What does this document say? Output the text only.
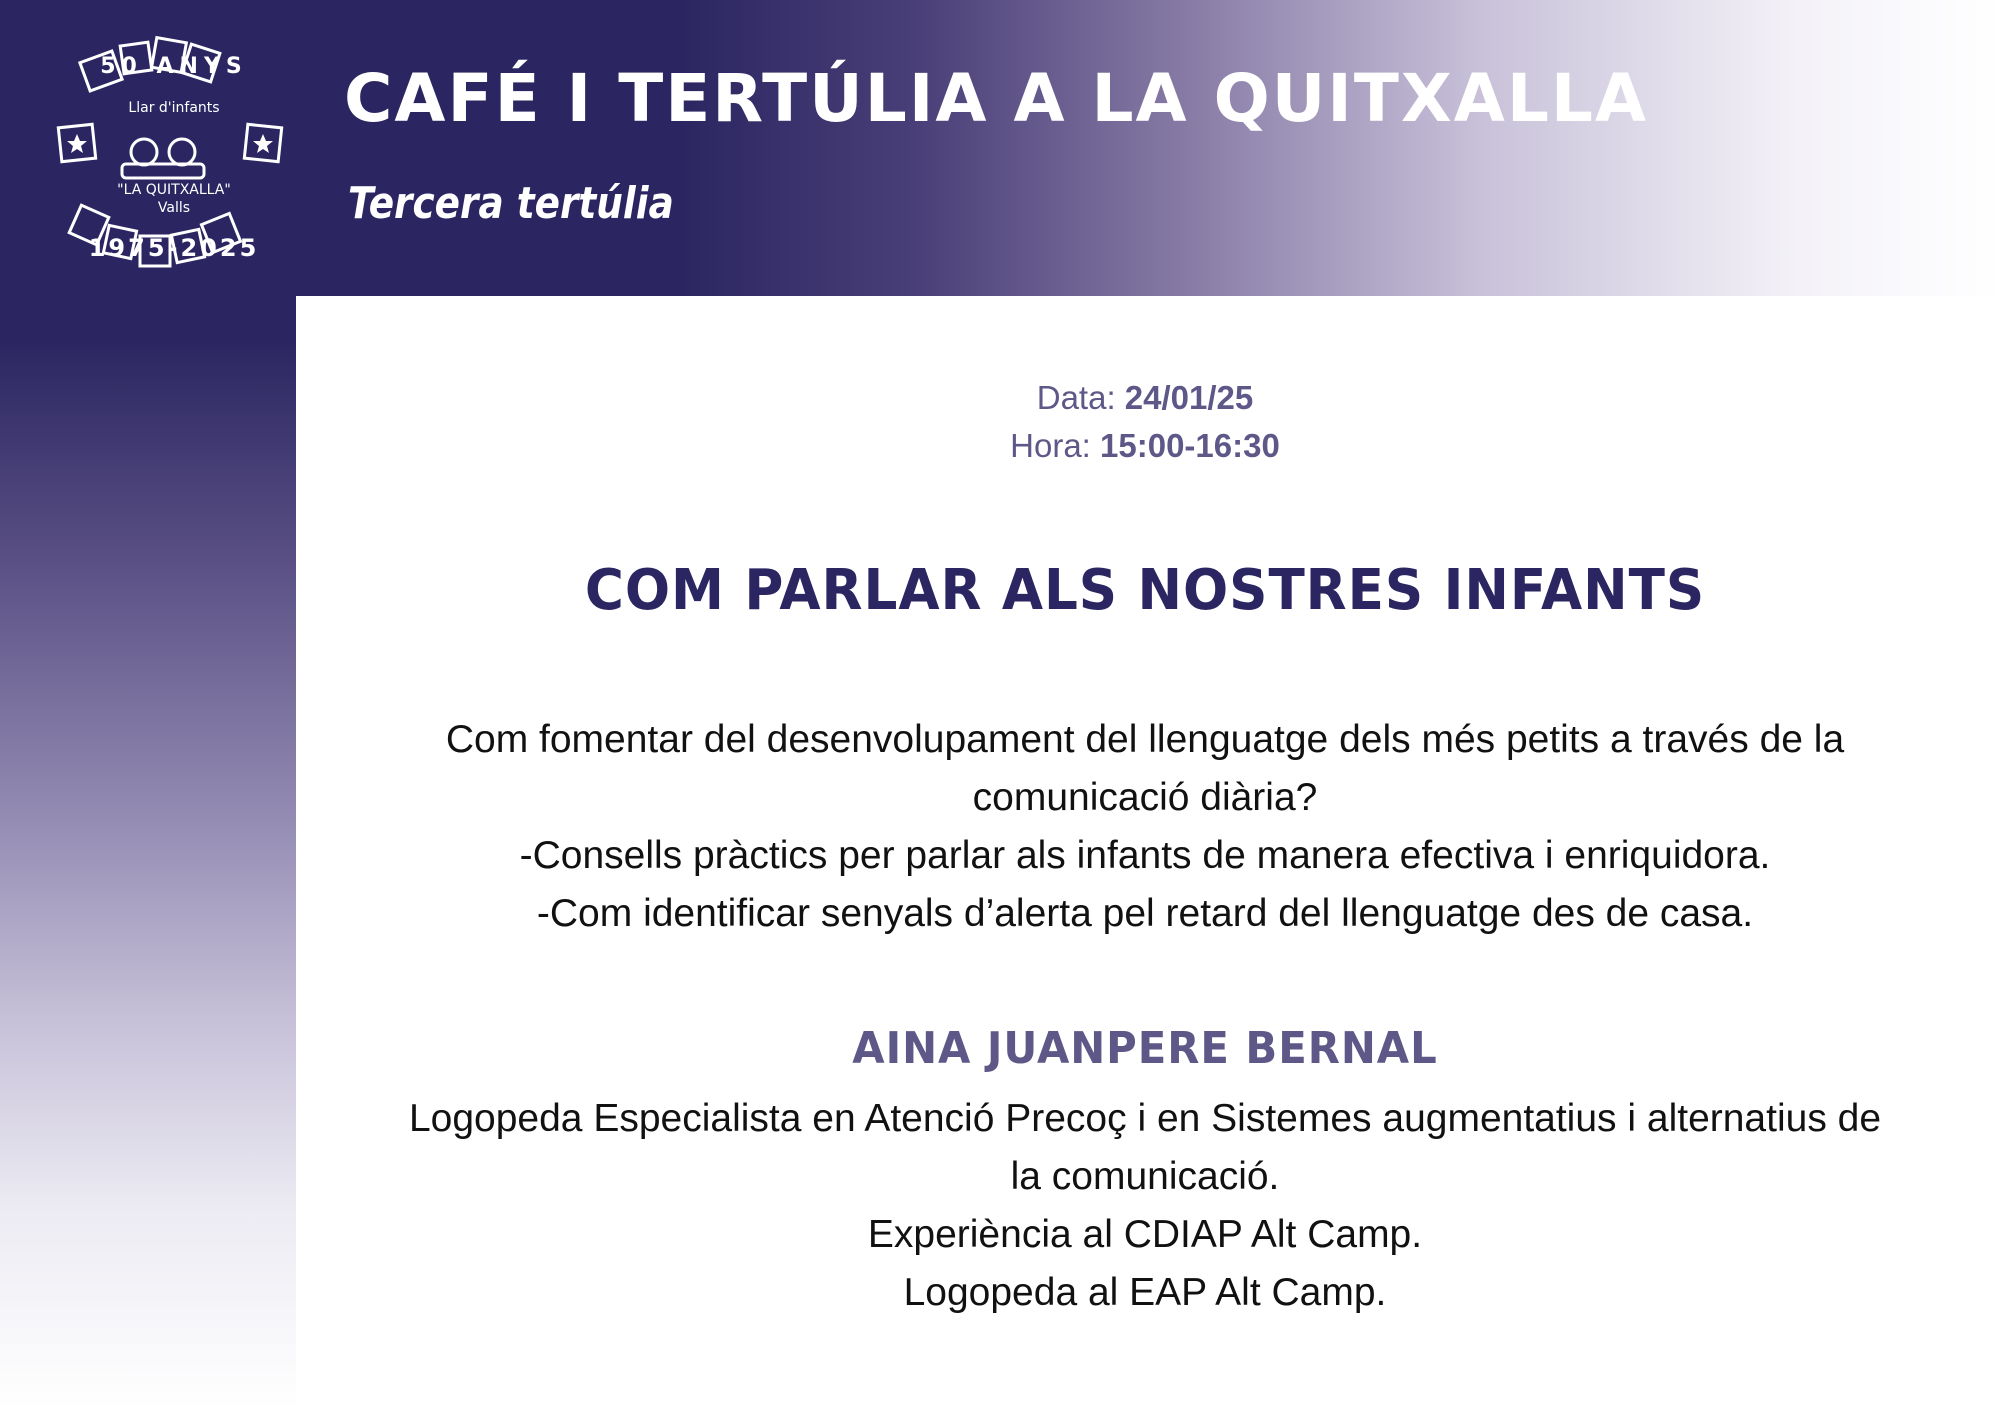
50 ANYS
Llar d'infants
"LA QUITXALLA"
Valls
1975-2025
CAFÉ I TERTÚLIA A LA QUITXALLA
Tercera tertúlia
Data: 24/01/25
Hora: 15:00-16:30
COM PARLAR ALS NOSTRES INFANTS
Com fomentar del desenvolupament del llenguatge dels més petits a través de la
comunicació diària?
-Consells pràctics per parlar als infants de manera efectiva i enriquidora.
-Com identificar senyals d’alerta pel retard del llenguatge des de casa.
AINA JUANPERE BERNAL
Logopeda Especialista en Atenció Precoç i en Sistemes augmentatius i alternatius de
la comunicació.
Experiència al CDIAP Alt Camp.
Logopeda al EAP Alt Camp.
